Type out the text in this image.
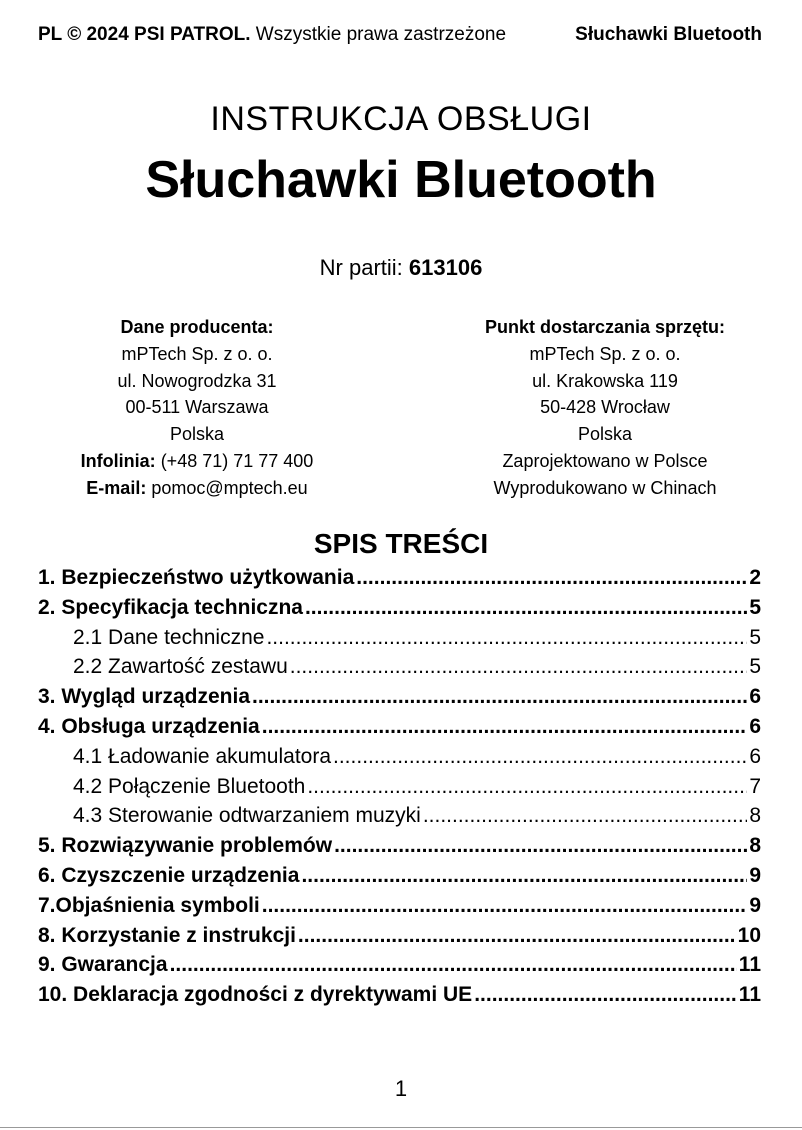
PL © 2024 PSI PATROL. Wszystkie prawa zastrzeżone	Słuchawki Bluetooth
INSTRUKCJA OBSŁUGI
Słuchawki Bluetooth
Nr partii: 613106
Dane producenta:
mPTech Sp. z o. o.
ul. Nowogrodzka 31
00-511 Warszawa
Polska
Infolinia: (+48 71) 71 77 400
E-mail: pomoc@mptech.eu
Punkt dostarczania sprzętu:
mPTech Sp. z o. o.
ul. Krakowska 119
50-428 Wrocław
Polska
Zaprojektowano w Polsce
Wyprodukowano w Chinach
SPIS TREŚCI
1. Bezpieczeństwo użytkowania .....	2
2. Specyfikacja techniczna .....	5
2.1 Dane techniczne .....	5
2.2 Zawartość zestawu .....	5
3. Wygląd urządzenia .....	6
4. Obsługa urządzenia .....	6
4.1 Ładowanie akumulatora .....	6
4.2 Połączenie Bluetooth .....	7
4.3 Sterowanie odtwarzaniem muzyki .....	8
5. Rozwiązywanie problemów .....	8
6. Czyszczenie urządzenia .....	9
7.Objaśnienia symboli .....	9
8. Korzystanie z instrukcji .....	10
9. Gwarancja .....	11
10. Deklaracja zgodności z dyrektywami UE .....	11
1
